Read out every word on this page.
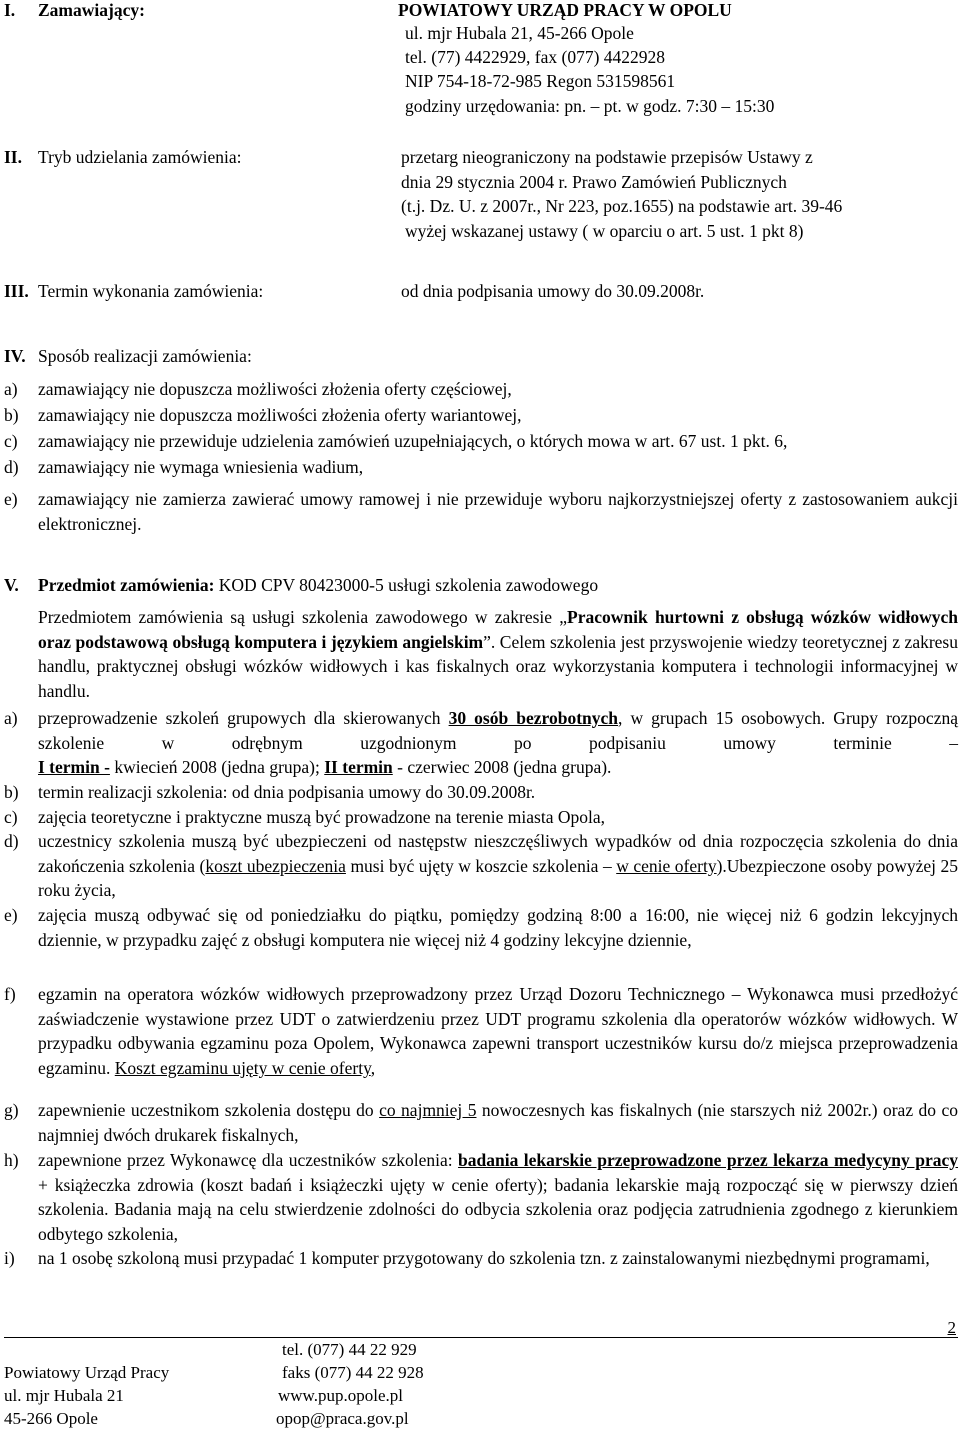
I. Zamawiający:	POWIATOWY URZĄD PRACY W OPOLU
ul. mjr Hubala 21, 45-266 Opole
tel. (77) 4422929, fax (077) 4422928
NIP 754-18-72-985 Regon 531598561
godziny urzędowania: pn. – pt. w godz. 7:30 – 15:30
II. Tryb udzielania zamówienia:	przetarg nieograniczony na podstawie przepisów Ustawy z
dnia 29 stycznia 2004 r. Prawo Zamówień Publicznych
(t.j. Dz. U. z 2007r., Nr 223, poz.1655) na podstawie art. 39-46
wyżej wskazanej ustawy ( w oparciu o art. 5 ust. 1 pkt 8)
III. Termin wykonania zamówienia:	od dnia podpisania umowy do 30.09.2008r.
IV. Sposób realizacji zamówienia:
a) zamawiający nie dopuszcza możliwości złożenia oferty częściowej,
b) zamawiający nie dopuszcza możliwości złożenia oferty wariantowej,
c) zamawiający nie przewiduje udzielenia zamówień uzupełniających, o których mowa w art. 67 ust. 1 pkt. 6,
d) zamawiający nie wymaga wniesienia wadium,
e) zamawiający nie zamierza zawierać umowy ramowej i nie przewiduje wyboru najkorzystniejszej oferty z zastosowaniem aukcji elektronicznej.
V. Przedmiot zamówienia: KOD CPV 80423000-5 usługi szkolenia zawodowego
Przedmiotem zamówienia są usługi szkolenia zawodowego w zakresie „Pracownik hurtowni z obsługą wózków widłowych oraz podstawową obsługą komputera i językiem angielskim”. Celem szkolenia jest przyswojenie wiedzy teoretycznej z zakresu handlu, praktycznej obsługi wózków widłowych i kas fiskalnych oraz wykorzystania komputera i technologii informacyjnej w handlu.
a) przeprowadzenie szkoleń grupowych dla skierowanych 30 osób bezrobotnych, w grupach 15 osobowych. Grupy rozpoczną szkolenie w odrębnym uzgodnionym po podpisaniu umowy terminie –
I termin - kwiecień 2008 (jedna grupa); II termin - czerwiec 2008 (jedna grupa).
b) termin realizacji szkolenia: od dnia podpisania umowy do 30.09.2008r.
c) zajęcia teoretyczne i praktyczne muszą być prowadzone na terenie miasta Opola,
d) uczestnicy szkolenia muszą być ubezpieczeni od następstw nieszczęśliwych wypadków od dnia rozpoczęcia szkolenia do dnia zakończenia szkolenia (koszt ubezpieczenia musi być ujęty w koszcie szkolenia – w cenie oferty).Ubezpieczone osoby powyżej 25 roku życia,
e) zajęcia muszą odbywać się od poniedziałku do piątku, pomiędzy godziną 8:00 a 16:00, nie więcej niż 6 godzin lekcyjnych dziennie, w przypadku zajęć z obsługi komputera nie więcej niż 4 godziny lekcyjne dziennie,
f) egzamin na operatora wózków widłowych przeprowadzony przez Urząd Dozoru Technicznego – Wykonawca musi przedłożyć zaświadczenie wystawione przez UDT o zatwierdzeniu przez UDT programu szkolenia dla operatorów wózków widłowych. W przypadku odbywania egzaminu poza Opolem, Wykonawca zapewni transport uczestników kursu do/z miejsca przeprowadzenia egzaminu. Koszt egzaminu ujęty w cenie oferty,
g) zapewnienie uczestnikom szkolenia dostępu do co najmniej 5 nowoczesnych kas fiskalnych (nie starszych niż 2002r.) oraz do co najmniej dwóch drukarek fiskalnych,
h) zapewnione przez Wykonawcę dla uczestników szkolenia: badania lekarskie przeprowadzone przez lekarza medycyny pracy + książeczka zdrowia (koszt badań i książeczki ujęty w cenie oferty); badania lekarskie mają rozpocząć się w pierwszy dzień szkolenia. Badania mają na celu stwierdzenie zdolności do odbycia szkolenia oraz podjęcia zatrudnienia zgodnego z kierunkiem odbytego szkolenia,
i) na 1 osobę szkoloną musi przypadać 1 komputer przygotowany do szkolenia tzn. z zainstalowanymi niezbędnymi programami,
2
Powiatowy Urząd Pracy
ul. mjr Hubala 21
45-266 Opole
tel. (077) 44 22 929
faks (077) 44 22 928
www.pup.opole.pl
opop@praca.gov.pl
